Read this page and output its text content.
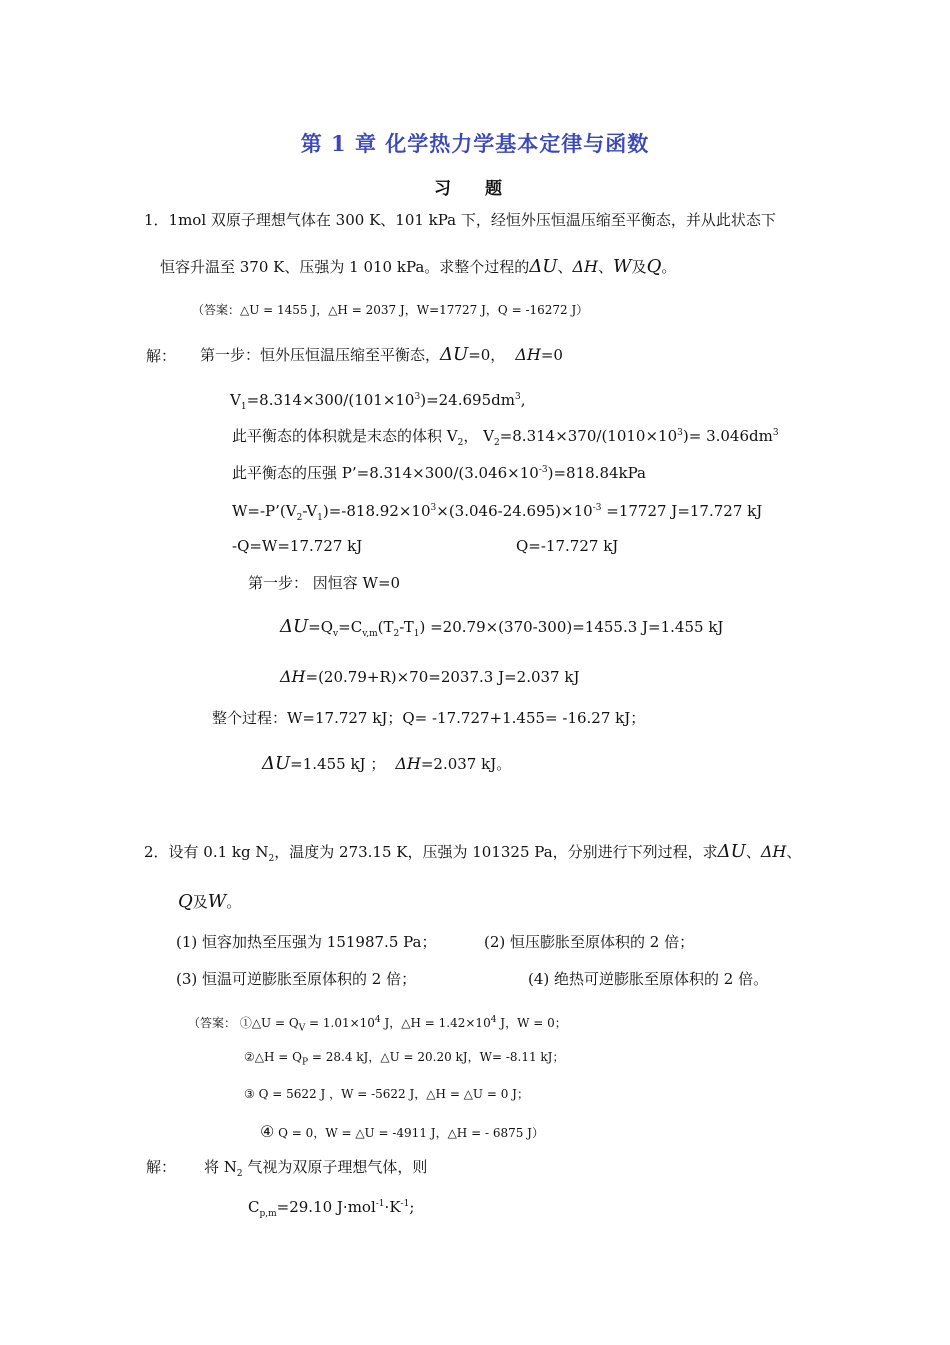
第 1 章 化学热力学基本定律与函数
习 题
1．1mol 双原子理想气体在 300 K、101 kPa 下，经恒外压恒温压缩至平衡态，并从此状态下
恒容升温至 370 K、压强为 1 010 kPa。求整个过程的ΔU、ΔH、W及Q。
（答案：△U = 1455 J，△H = 2037 J，W=17727 J，Q = -16272 J）
解： 第一步：恒外压恒温压缩至平衡态，ΔU=0， ΔH=0
$V_1=8.314\times 300/(101\times 10^3)=24.695dm^3$,
此平衡态的体积就是末态的体积 $V_2$， $V_2=8.314\times 370/(1010\times 10^3)= 3.046dm^3$
此平衡态的压强 $P’=8.314\times 300/(3.046\times 10^{-3})=818.84kPa$
$W=-P’(V_2-V_1)=-818.92\times 10^3\times(3.046-24.695)\times 10^{-3} =17727$ J=17.727 kJ
-Q=W=17.727 kJ	Q=-17.727 kJ
第一步： 因恒容 W=0
$\Delta U=Q_v=C_{v,m}(T_2-T_1) =20.79\times(370-300)=1455.3$ J=1.455 kJ
ΔH=(20.79+R)×70=2037.3 J=2.037 kJ
整个过程：W=17.727 kJ；Q= -17.727+1.455= -16.27 kJ；
ΔU=1.455 kJ ； ΔH=2.037 kJ。
2．设有 0.1 kg $N_2$，温度为 273.15 K，压强为 101325 Pa，分别进行下列过程，求ΔU、ΔH、
Q及W。
(1) 恒容加热至压强为 151987.5 Pa；	(2) 恒压膨胀至原体积的 2 倍；
(3) 恒温可逆膨胀至原体积的 2 倍；	(4) 绝热可逆膨胀至原体积的 2 倍。
（答案： ①△U = $Q_V = 1.01\times 10^4$ J，△H = $1.42\times 10^4$ J，W = 0；
②△H = $Q_P = 28.4$ kJ，△U = 20.20 kJ，W= -8.11 kJ；
③ Q = 5622 J ，W = -5622 J，△H = △U = 0 J；
④ Q = 0，W = △U = -4911 J，△H = - 6875 J）
解： 将 $N_2$ 气视为双原子理想气体，则
$C_{p,m}=29.10$ $J\cdot mol^{-1}\cdot K^{-1}$;
